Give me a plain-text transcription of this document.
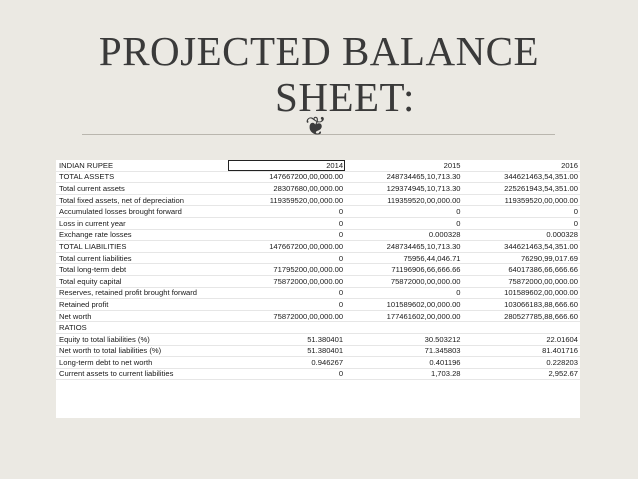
PROJECTED BALANCE
SHEET:
❦
INDIAN RUPEE	2014	2015	2016
TOTAL ASSETS	147667200,00,000.00	248734465,10,713.30	344621463,54,351.00
Total current assets	28307680,00,000.00	129374945,10,713.30	225261943,54,351.00
Total fixed assets, net of depreciation	119359520,00,000.00	119359520,00,000.00	119359520,00,000.00
Accumulated losses brought forward	0	0	0
Loss in current year	0	0	0
Exchange rate losses	0	0.000328	0.000328
TOTAL LIABILITIES	147667200,00,000.00	248734465,10,713.30	344621463,54,351.00
Total current liabilities	0	75956,44,046.71	76290,99,017.69
Total long-term debt	71795200,00,000.00	71196906,66,666.66	64017386,66,666.66
Total equity capital	75872000,00,000.00	75872000,00,000.00	75872000,00,000.00
Reserves, retained profit brought forward	0	0	101589602,00,000.00
Retained profit	0	101589602,00,000.00	103066183,88,666.60
Net worth	75872000,00,000.00	177461602,00,000.00	280527785,88,666.60
RATIOS			
Equity to total liabilities (%)	51.380401	30.503212	22.01604
Net worth to total liabilities (%)	51.380401	71.345803	81.401716
Long-term debt to net worth	0.946267	0.401196	0.228203
Current assets to current liabilities	0	1,703.28	2,952.67
